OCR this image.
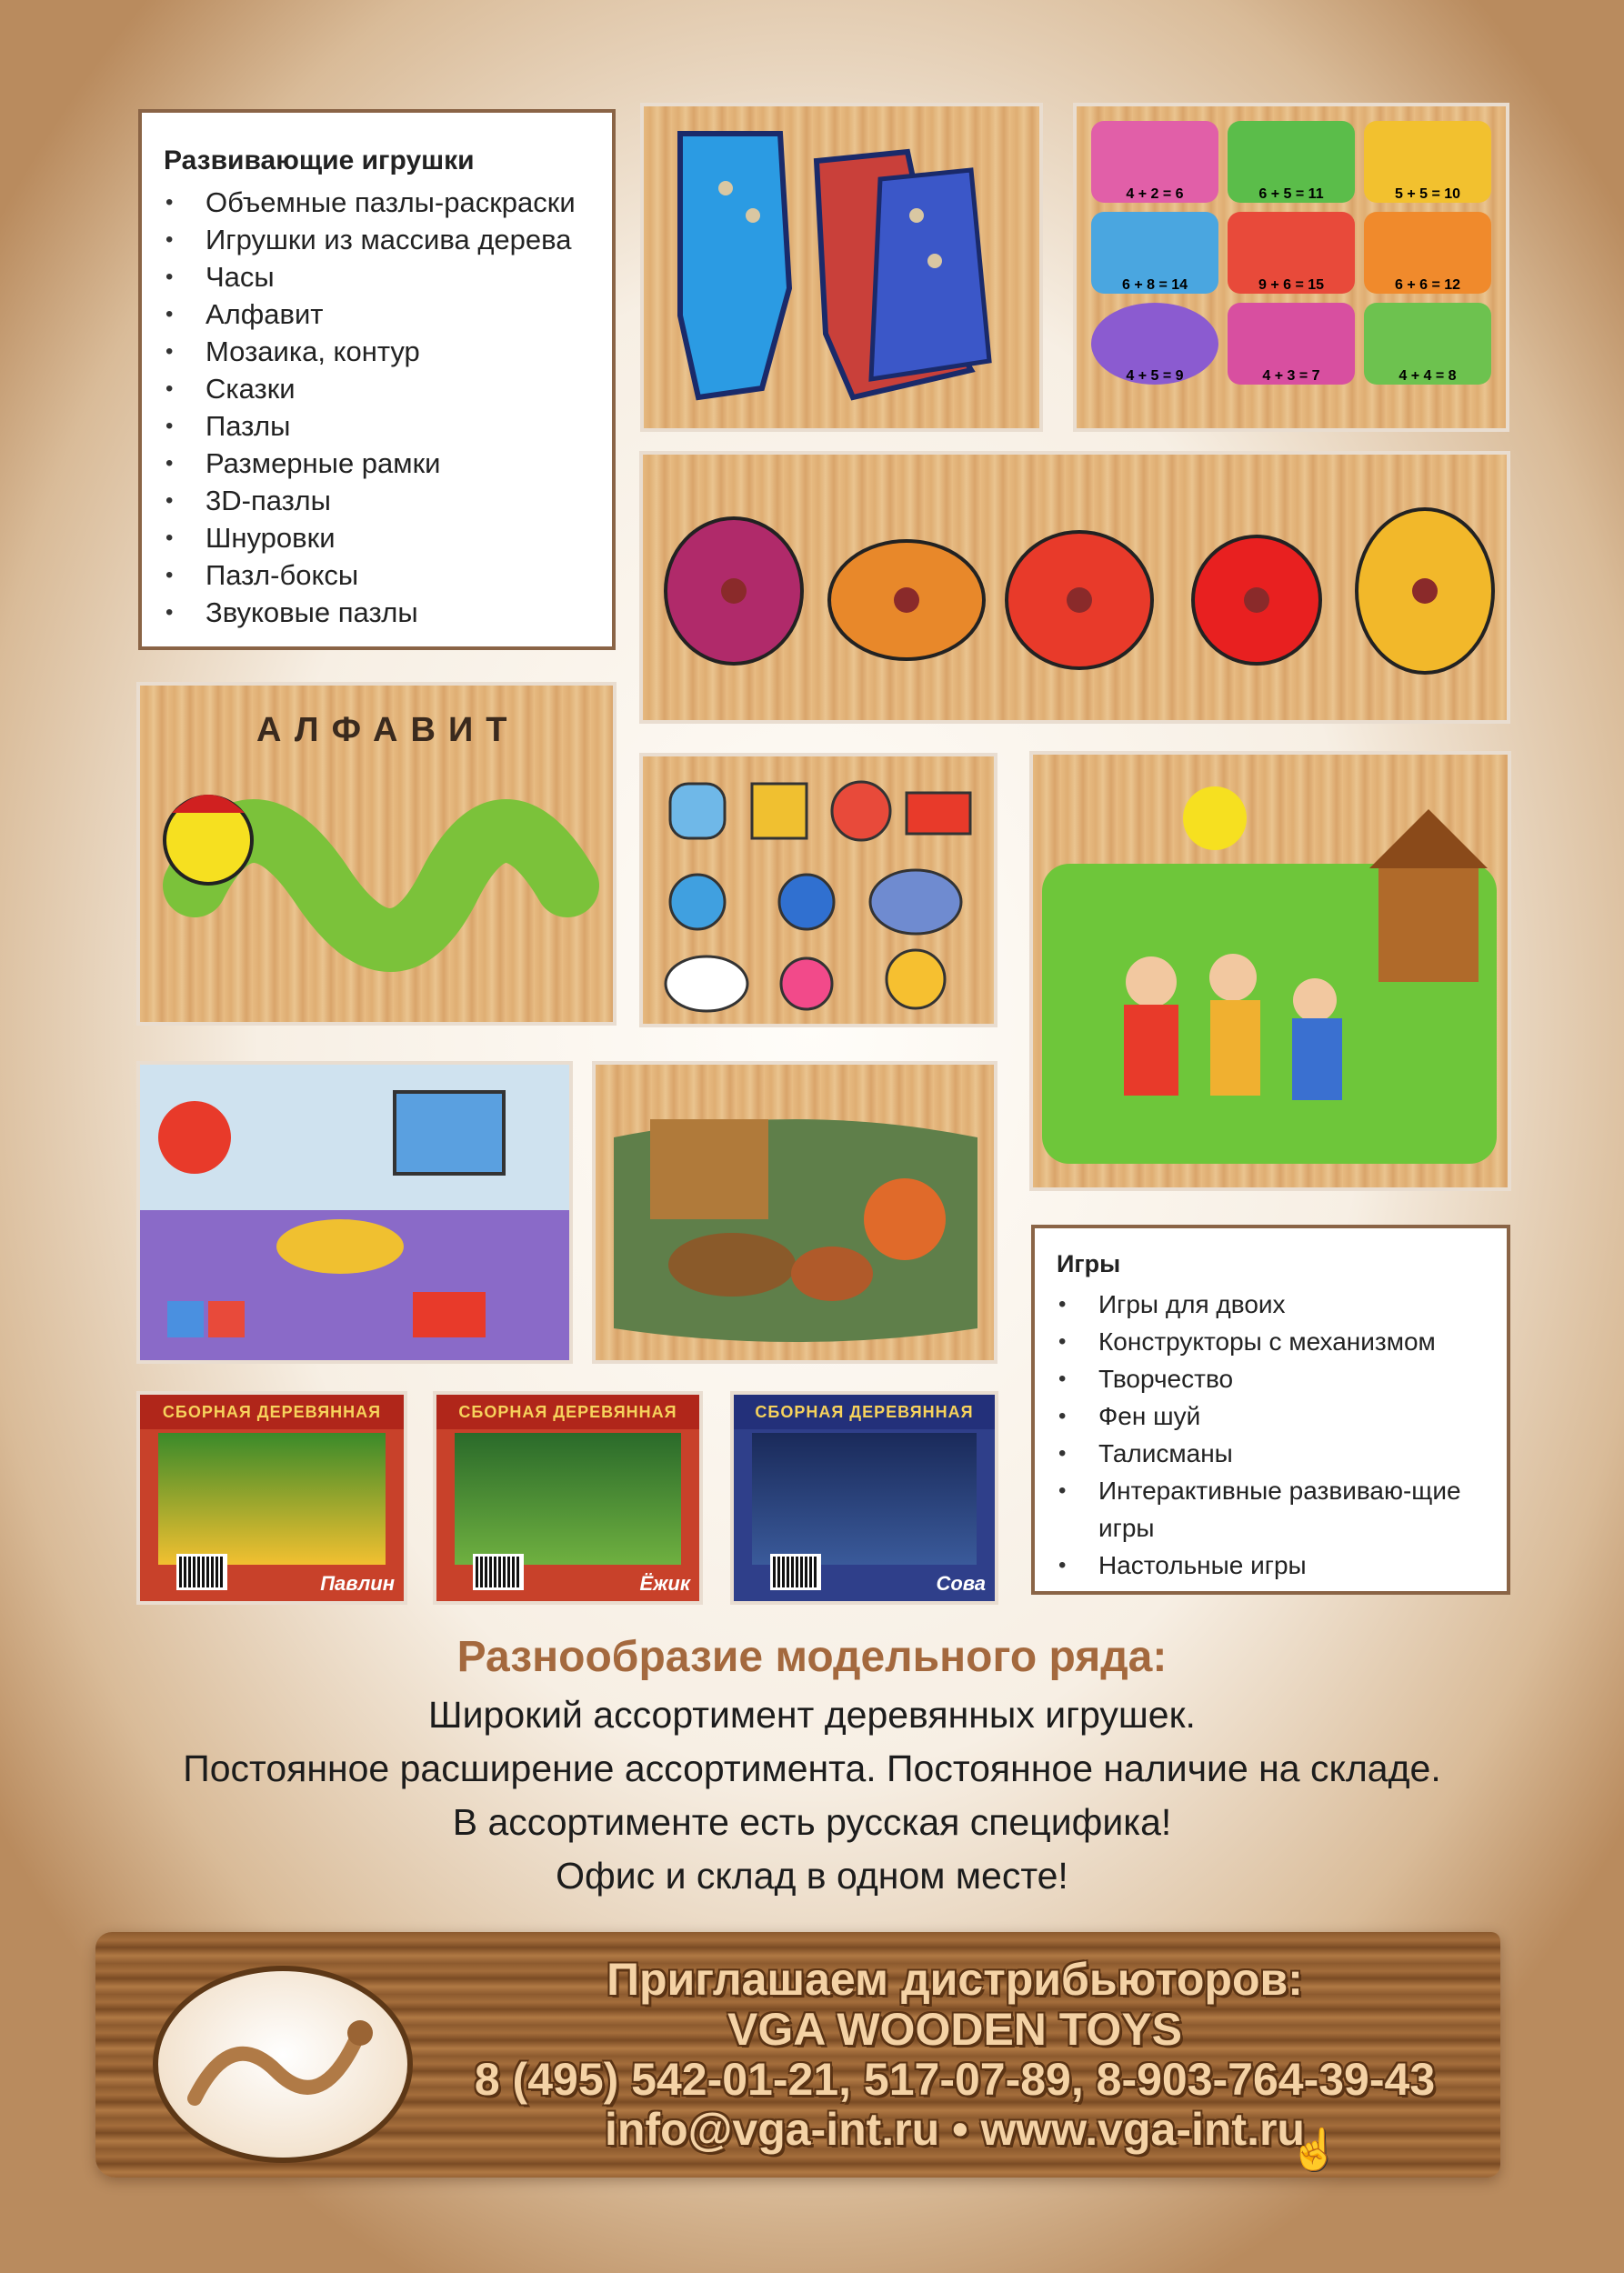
Развивающие игрушки
• Объемные пазлы-раскраски
• Игрушки из массива дерева
• Часы
• Алфавит
• Мозаика, контур
• Сказки
• Пазлы
• Размерные рамки
• 3D-пазлы
• Шнуровки
• Пазл-боксы
• Звуковые пазлы
4 + 2 = 6	6 + 5 = 11	5 + 5 = 10
6 + 8 = 14	9 + 6 = 15	6 + 6 = 12
4 + 5 = 9	4 + 3 = 7	4 + 4 = 8
АЛФАВИТ
Игры
• Игры для двоих
• Конструкторы с механизмом
• Творчество
• Фен шуй
• Талисманы
• Интерактивные развиваю-щие игры
• Настольные игры
СБОРНАЯ ДЕРЕВЯННАЯ
Павлин
СБОРНАЯ ДЕРЕВЯННАЯ
Ёжик
СБОРНАЯ ДЕРЕВЯННАЯ
Сова
Разнообразие модельного ряда:
Широкий ассортимент деревянных игрушек.
Постоянное расширение ассортимента. Постоянное наличие на складе.
В ассортименте есть русская специфика!
Офис и склад в одном месте!
Приглашаем дистрибьюторов:
VGA WOODEN TOYS
8 (495) 542-01-21, 517-07-89, 8-903-764-39-43
info@vga-int.ru • www.vga-int.ru
☝
